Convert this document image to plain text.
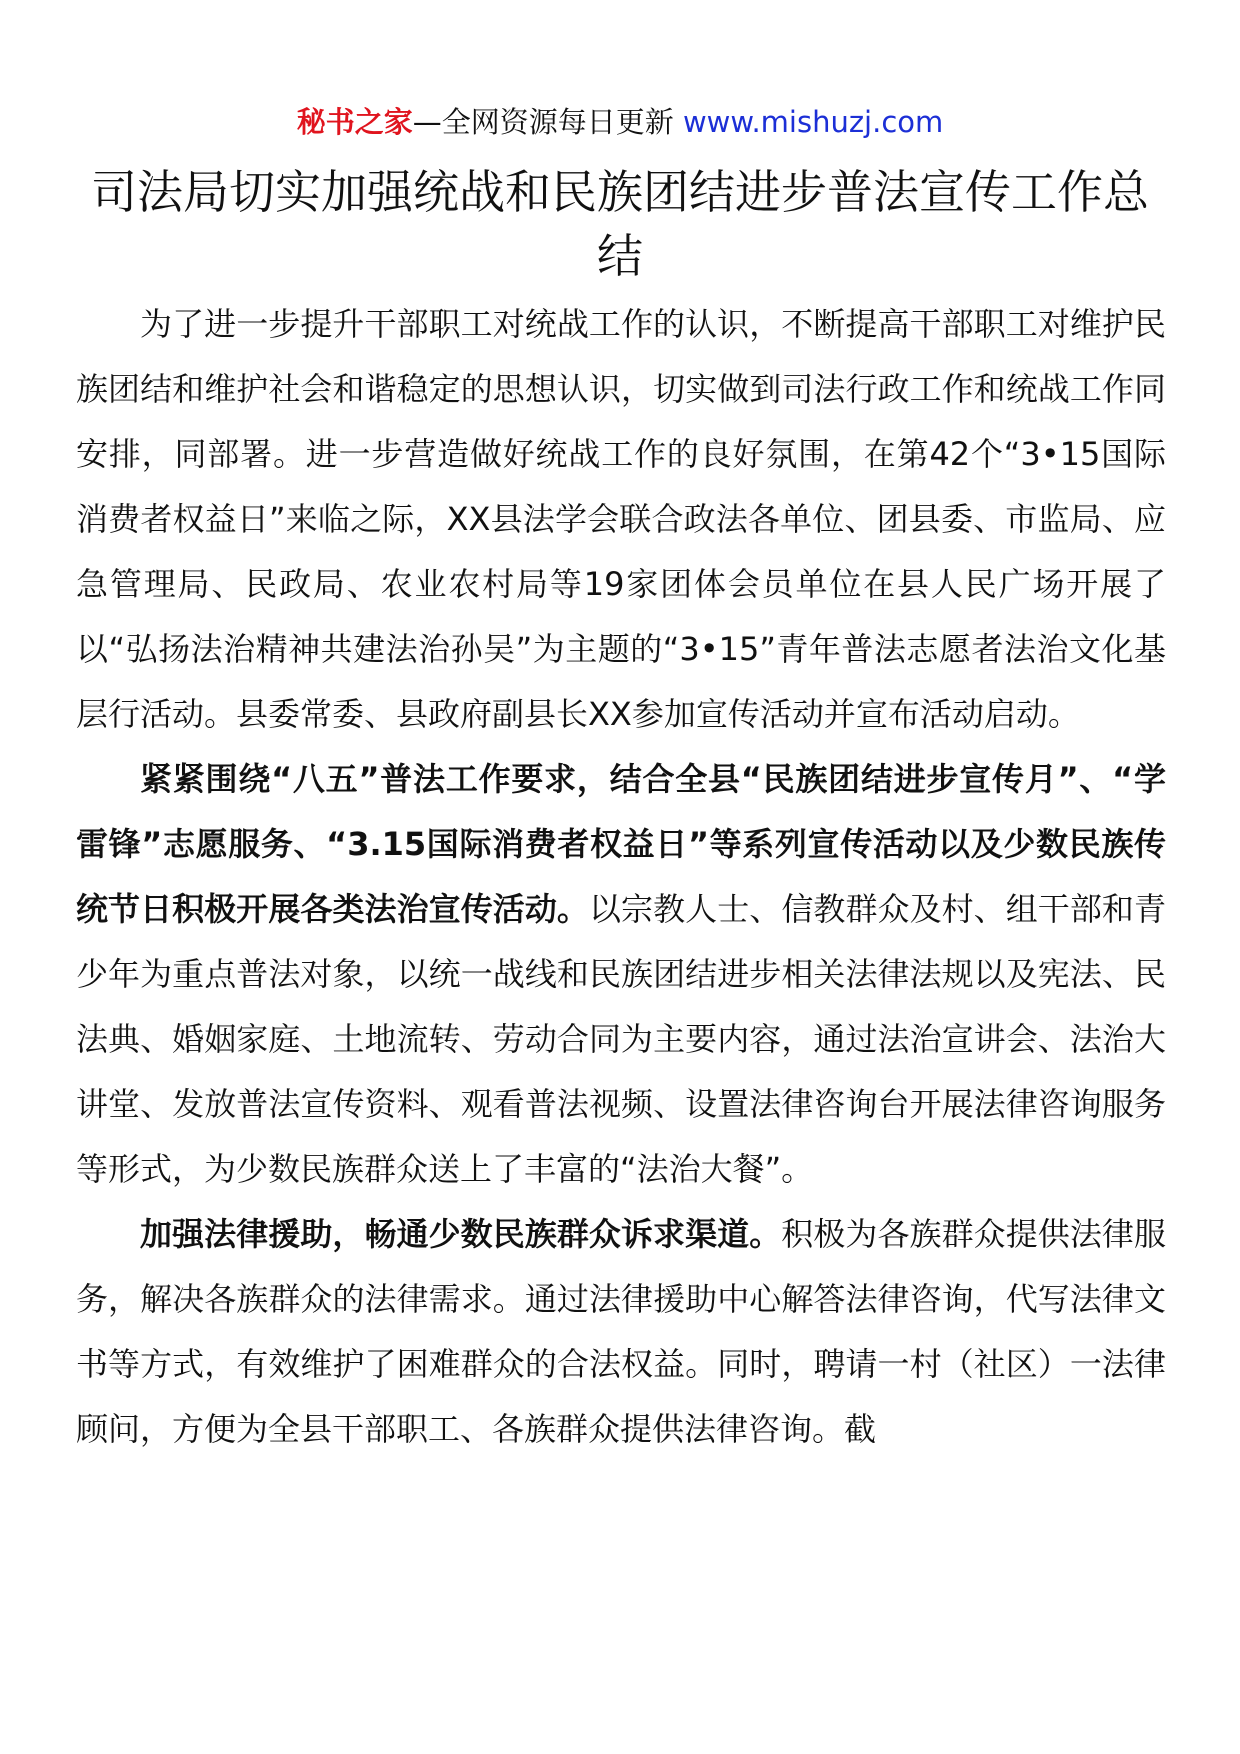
秘书之家—全网资源每日更新 www.mishuzj.com
司法局切实加强统战和民族团结进步普法宣传工作总结

为了进一步提升干部职工对统战工作的认识，不断提高干部职工对维护民族团结和维护社会和谐稳定的思想认识，切实做到司法行政工作和统战工作同安排，同部署。进一步营造做好统战工作的良好氛围，在第42个“3•15国际消费者权益日”来临之际，XX县法学会联合政法各单位、团县委、市监局、应急管理局、民政局、农业农村局等19家团体会员单位在县人民广场开展了以“弘扬法治精神共建法治孙吴”为主题的“3•15”青年普法志愿者法治文化基层行活动。县委常委、县政府副县长XX参加宣传活动并宣布活动启动。

紧紧围绕“八五”普法工作要求，结合全县“民族团结进步宣传月”、“学雷锋”志愿服务、“3.15国际消费者权益日”等系列宣传活动以及少数民族传统节日积极开展各类法治宣传活动。以宗教人士、信教群众及村、组干部和青少年为重点普法对象，以统一战线和民族团结进步相关法律法规以及宪法、民法典、婚姻家庭、土地流转、劳动合同为主要内容，通过法治宣讲会、法治大讲堂、发放普法宣传资料、观看普法视频、设置法律咨询台开展法律咨询服务等形式，为少数民族群众送上了丰富的“法治大餐”。

加强法律援助，畅通少数民族群众诉求渠道。积极为各族群众提供法律服务，解决各族群众的法律需求。通过法律援助中心解答法律咨询，代写法律文书等方式，有效维护了困难群众的合法权益。同时，聘请一村（社区）一法律顾问，方便为全县干部职工、各族群众提供法律咨询。截
